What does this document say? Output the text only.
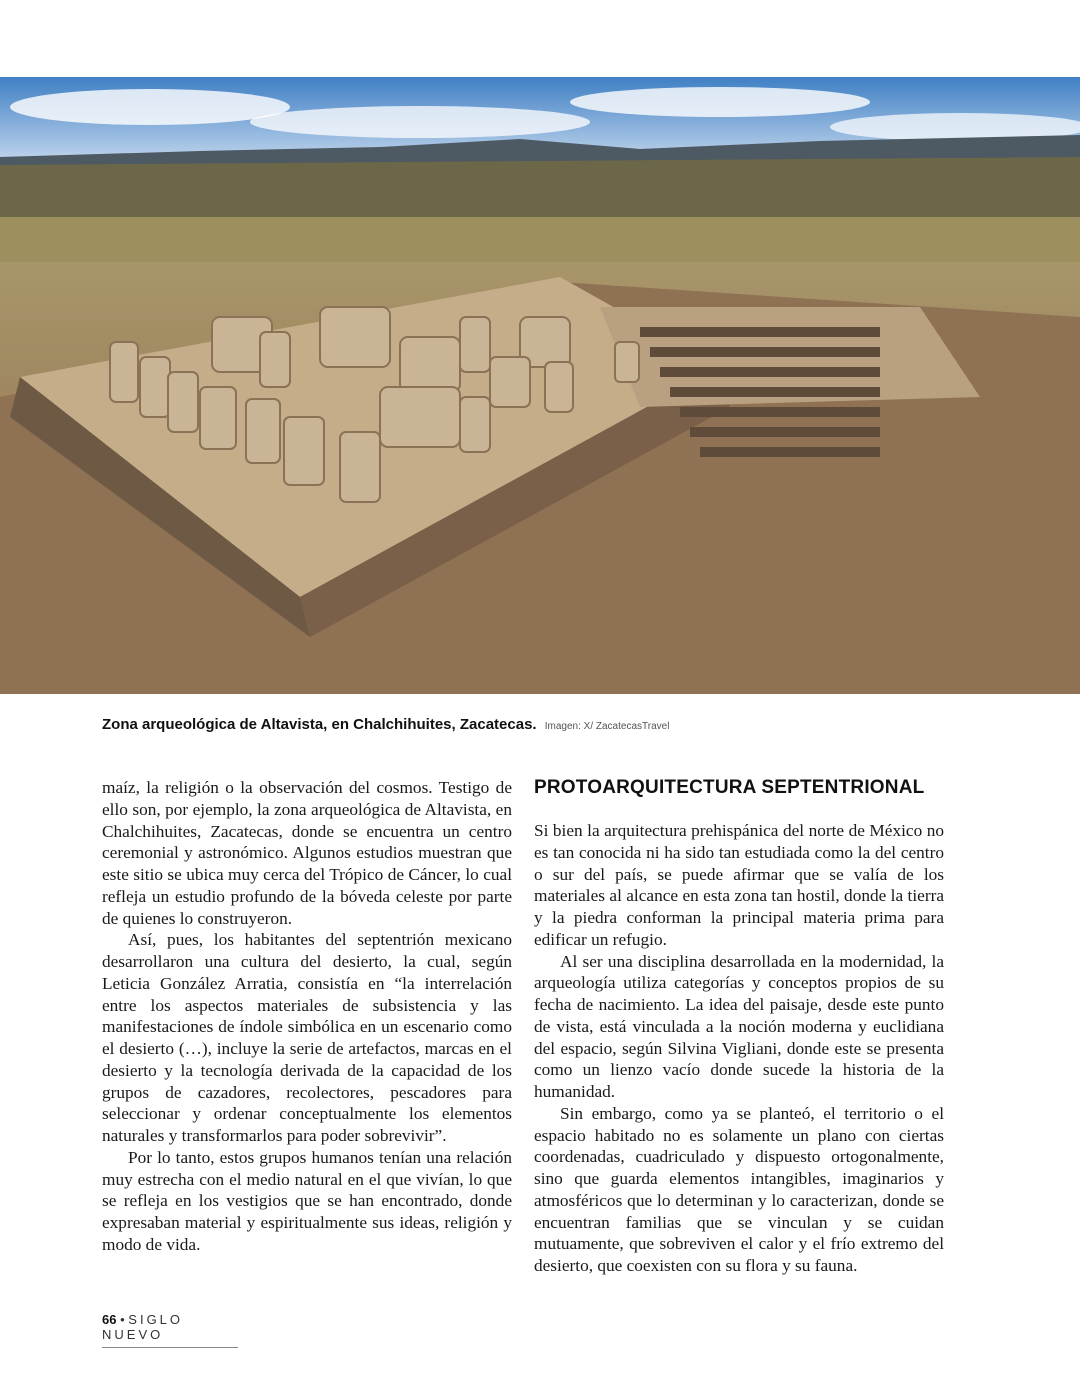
Zona arqueológica de Altavista, en Chalchihuites, Zacatecas. Imagen: X/ ZacatecasTravel

maíz, la religión o la observación del cosmos. Testigo de ello son, por ejemplo, la zona arqueológica de Altavista, en Chalchihuites, Zacatecas, donde se encuentra un centro ceremonial y astronómico. Algunos estudios muestran que este sitio se ubica muy cerca del Trópico de Cáncer, lo cual refleja un estudio profundo de la bóveda celeste por parte de quienes lo construyeron.

Así, pues, los habitantes del septentrión mexicano desarrollaron una cultura del desierto, la cual, según Leticia González Arratia, consistía en “la interrelación entre los aspectos materiales de subsistencia y las manifestaciones de índole simbólica en un escenario como el desierto (…), incluye la serie de artefactos, marcas en el desierto y la tecnología derivada de la capacidad de los grupos de cazadores, recolectores, pescadores para seleccionar y ordenar conceptualmente los elementos naturales y transformarlos para poder sobrevivir”.

Por lo tanto, estos grupos humanos tenían una relación muy estrecha con el medio natural en el que vivían, lo que se refleja en los vestigios que se han encontrado, donde expresaban material y espiritualmente sus ideas, religión y modo de vida.

PROTOARQUITECTURA SEPTENTRIONAL

Si bien la arquitectura prehispánica del norte de México no es tan conocida ni ha sido tan estudiada como la del centro o sur del país, se puede afirmar que se valía de los materiales al alcance en esta zona tan hostil, donde la tierra y la piedra conforman la principal materia prima para edificar un refugio.

Al ser una disciplina desarrollada en la modernidad, la arqueología utiliza categorías y conceptos propios de su fecha de nacimiento. La idea del paisaje, desde este punto de vista, está vinculada a la noción moderna y euclidiana del espacio, según Silvina Vigliani, donde este se presenta como un lienzo vacío donde sucede la historia de la humanidad.

Sin embargo, como ya se planteó, el territorio o el espacio habitado no es solamente un plano con ciertas coordenadas, cuadriculado y dispuesto ortogonalmente, sino que guarda elementos intangibles, imaginarios y atmosféricos que lo determinan y lo caracterizan, donde se encuentran familias que se vinculan y se cuidan mutuamente, que sobreviven el calor y el frío extremo del desierto, que coexisten con su flora y su fauna.

66 • SIGLO NUEVO
